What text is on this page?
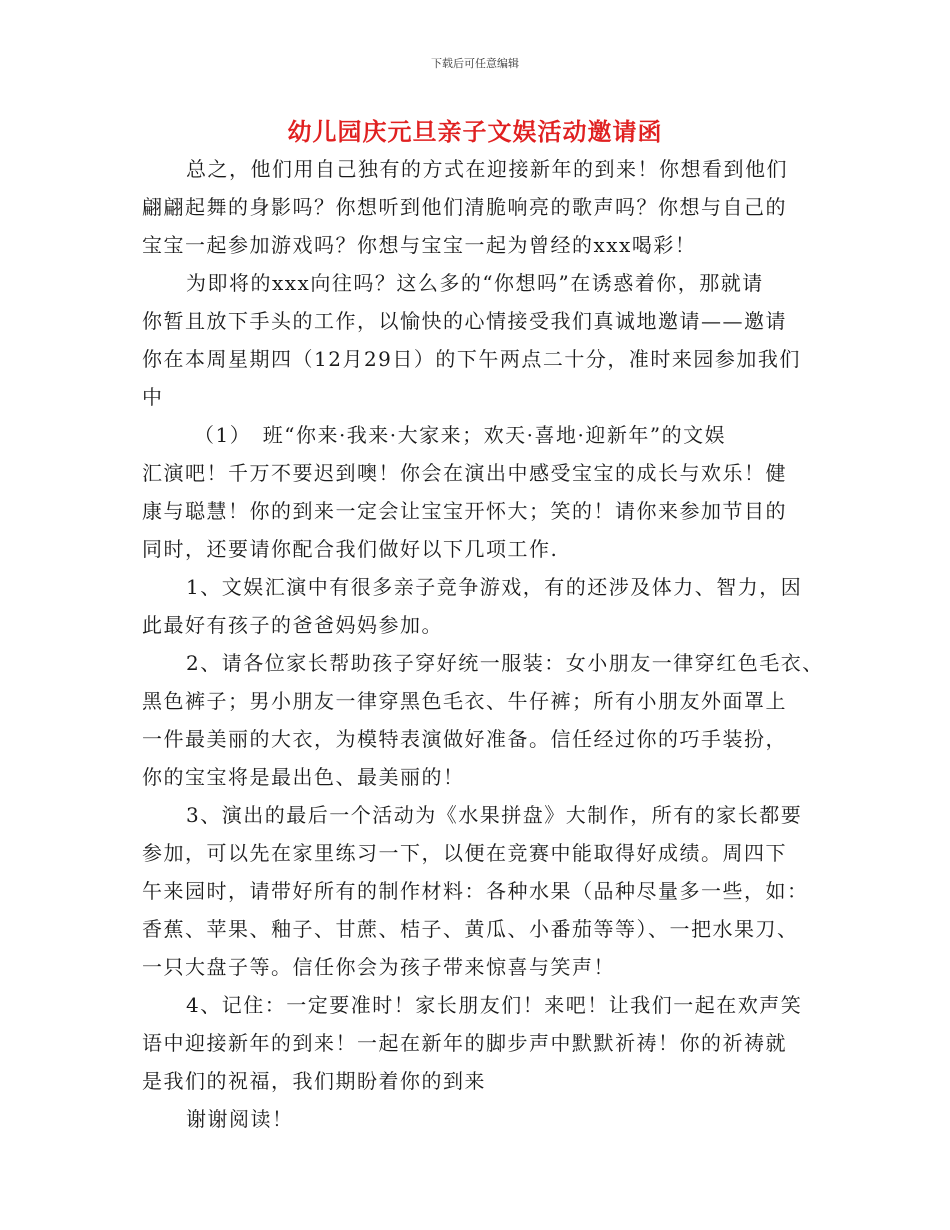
下载后可任意编辑
幼儿园庆元旦亲子文娱活动邀请函

总之，他们用自己独有的方式在迎接新年的到来！你想看到他们
翩翩起舞的身影吗？你想听到他们清脆响亮的歌声吗？你想与自己的
宝宝一起参加游戏吗？你想与宝宝一起为曾经的xxx喝彩！

为即将的xxx向往吗？这么多的“你想吗”在诱惑着你，那就请
你暂且放下手头的工作，以愉快的心情接受我们真诚地邀请——邀请
你在本周星期四（12月29日）的下午两点二十分，准时来园参加我们
中

（1）　班“你来·我来·大家来；欢天·喜地·迎新年”的文娱
汇演吧！千万不要迟到噢！你会在演出中感受宝宝的成长与欢乐！健
康与聪慧！你的到来一定会让宝宝开怀大；笑的！请你来参加节目的
同时，还要请你配合我们做好以下几项工作.

1、文娱汇演中有很多亲子竞争游戏，有的还涉及体力、智力，因
此最好有孩子的爸爸妈妈参加。

2、请各位家长帮助孩子穿好统一服装：女小朋友一律穿红色毛衣、
黑色裤子；男小朋友一律穿黑色毛衣、牛仔裤；所有小朋友外面罩上
一件最美丽的大衣，为模特表演做好准备。信任经过你的巧手装扮，
你的宝宝将是最出色、最美丽的！

3、演出的最后一个活动为《水果拼盘》大制作，所有的家长都要
参加，可以先在家里练习一下，以便在竞赛中能取得好成绩。周四下
午来园时，请带好所有的制作材料：各种水果（品种尽量多一些，如：
香蕉、苹果、釉子、甘蔗、桔子、黄瓜、小番茄等等）、一把水果刀、
一只大盘子等。信任你会为孩子带来惊喜与笑声！

4、记住：一定要准时！家长朋友们！来吧！让我们一起在欢声笑
语中迎接新年的到来！一起在新年的脚步声中默默祈祷！你的祈祷就
是我们的祝福，我们期盼着你的到来

谢谢阅读！
